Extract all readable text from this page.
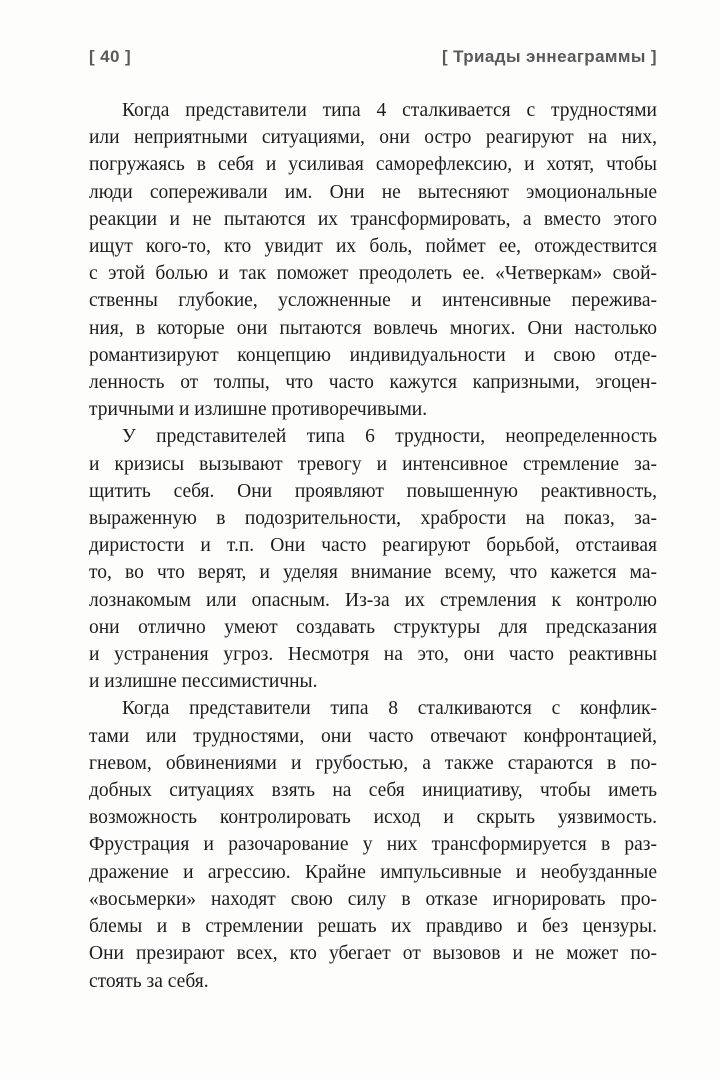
[ 40 ]	[ Триады эннеаграммы ]
Когда представители типа 4 сталкивается с трудностями
или неприятными ситуациями, они остро реагируют на них,
погружаясь в себя и усиливая саморефлексию, и хотят, чтобы
люди сопереживали им. Они не вытесняют эмоциональные
реакции и не пытаются их трансформировать, а вместо этого
ищут кого-то, кто увидит их боль, поймет ее, отождествится
с этой болью и так поможет преодолеть ее. «Четверкам» свой-
ственны глубокие, усложненные и интенсивные пережива-
ния, в которые они пытаются вовлечь многих. Они настолько
романтизируют концепцию индивидуальности и свою отде-
ленность от толпы, что часто кажутся капризными, эгоцен-
тричными и излишне противоречивыми.
У представителей типа 6 трудности, неопределенность
и кризисы вызывают тревогу и интенсивное стремление за-
щитить себя. Они проявляют повышенную реактивность,
выраженную в подозрительности, храбрости на показ, за-
диристости и т.п. Они часто реагируют борьбой, отстаивая
то, во что верят, и уделяя внимание всему, что кажется ма-
лознакомым или опасным. Из-за их стремления к контролю
они отлично умеют создавать структуры для предсказания
и устранения угроз. Несмотря на это, они часто реактивны
и излишне пессимистичны.
Когда представители типа 8 сталкиваются с конфлик-
тами или трудностями, они часто отвечают конфронтацией,
гневом, обвинениями и грубостью, а также стараются в по-
добных ситуациях взять на себя инициативу, чтобы иметь
возможность контролировать исход и скрыть уязвимость.
Фрустрация и разочарование у них трансформируется в раз-
дражение и агрессию. Крайне импульсивные и необузданные
«восьмерки» находят свою силу в отказе игнорировать про-
блемы и в стремлении решать их правдиво и без цензуры.
Они презирают всех, кто убегает от вызовов и не может по-
стоять за себя.
